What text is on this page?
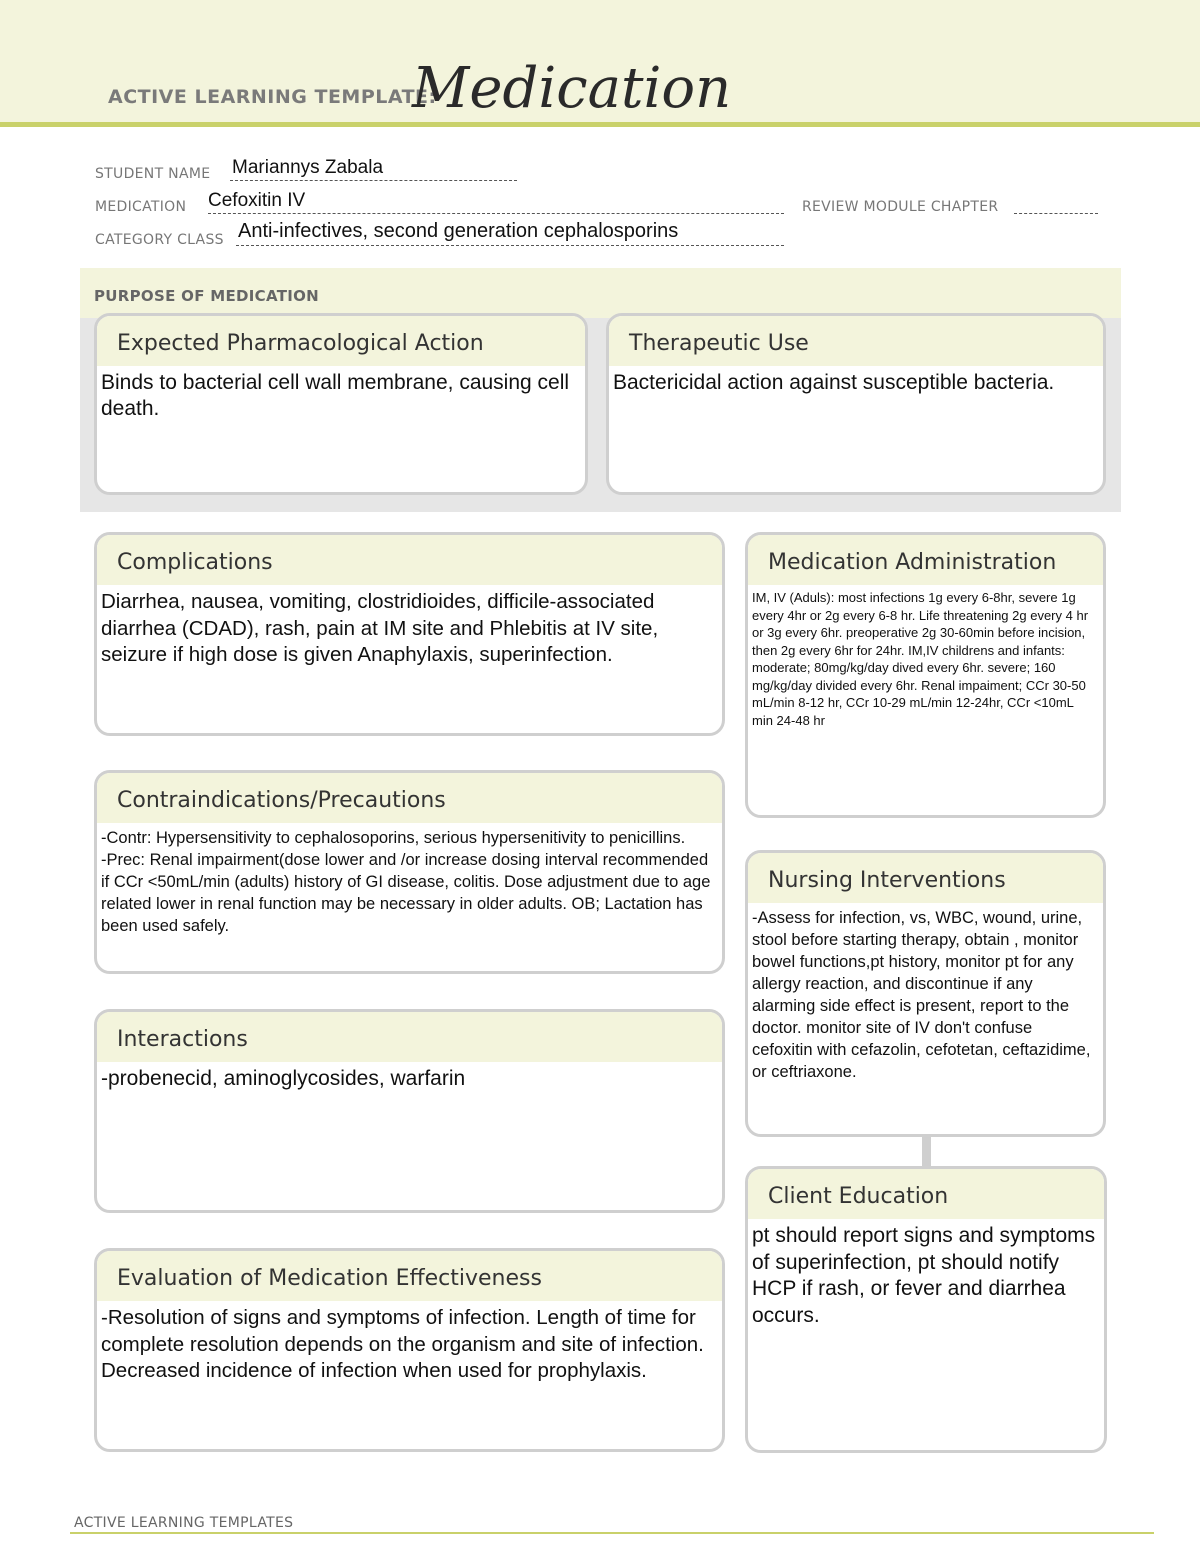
ACTIVE LEARNING TEMPLATE:
Medication
STUDENT NAME Mariannys Zabala
MEDICATION Cefoxitin IV	REVIEW MODULE CHAPTER
CATEGORY CLASS Anti-infectives, second generation cephalosporins
PURPOSE OF MEDICATION
Expected Pharmacological Action
Binds to bacterial cell wall membrane, causing cell death.
Therapeutic Use
Bactericidal action against susceptible bacteria.
Complications
Diarrhea, nausea, vomiting, clostridioides, difficile-associated diarrhea (CDAD), rash, pain at IM site and Phlebitis at IV site, seizure if high dose is given Anaphylaxis, superinfection.
Contraindications/Precautions
-Contr: Hypersensitivity to cephalosoporins, serious hypersenitivity to penicillins.
-Prec: Renal impairment(dose lower and /or increase dosing interval recommended if CCr <50mL/min (adults) history of GI disease, colitis. Dose adjustment due to age related lower in renal function may be necessary in older adults. OB; Lactation has been used safely.
Interactions
-probenecid, aminoglycosides, warfarin
Evaluation of Medication Effectiveness
-Resolution of signs and symptoms of infection. Length of time for complete resolution depends on the organism and site of infection. Decreased incidence of infection when used for prophylaxis.
Medication Administration
IM, IV (Aduls): most infections 1g every 6-8hr, severe 1g every 4hr or 2g every 6-8 hr. Life threatening 2g every 4 hr or 3g every 6hr. preoperative 2g 30-60min before incision, then 2g every 6hr for 24hr. IM,IV childrens and infants: moderate; 80mg/kg/day dived every 6hr. severe; 160 mg/kg/day divided every 6hr. Renal impaiment; CCr 30-50 mL/min 8-12 hr, CCr 10-29 mL/min 12-24hr, CCr <10mL min 24-48 hr
Nursing Interventions
-Assess for infection, vs, WBC, wound, urine, stool before starting therapy, obtain , monitor bowel functions,pt history, monitor pt for any allergy reaction, and discontinue if any alarming side effect is present, report to the doctor. monitor site of IV don't confuse cefoxitin with cefazolin, cefotetan, ceftazidime, or ceftriaxone.
Client Education
pt should report signs and symptoms of superinfection, pt should notify HCP if rash, or fever and diarrhea occurs.
ACTIVE LEARNING TEMPLATES
